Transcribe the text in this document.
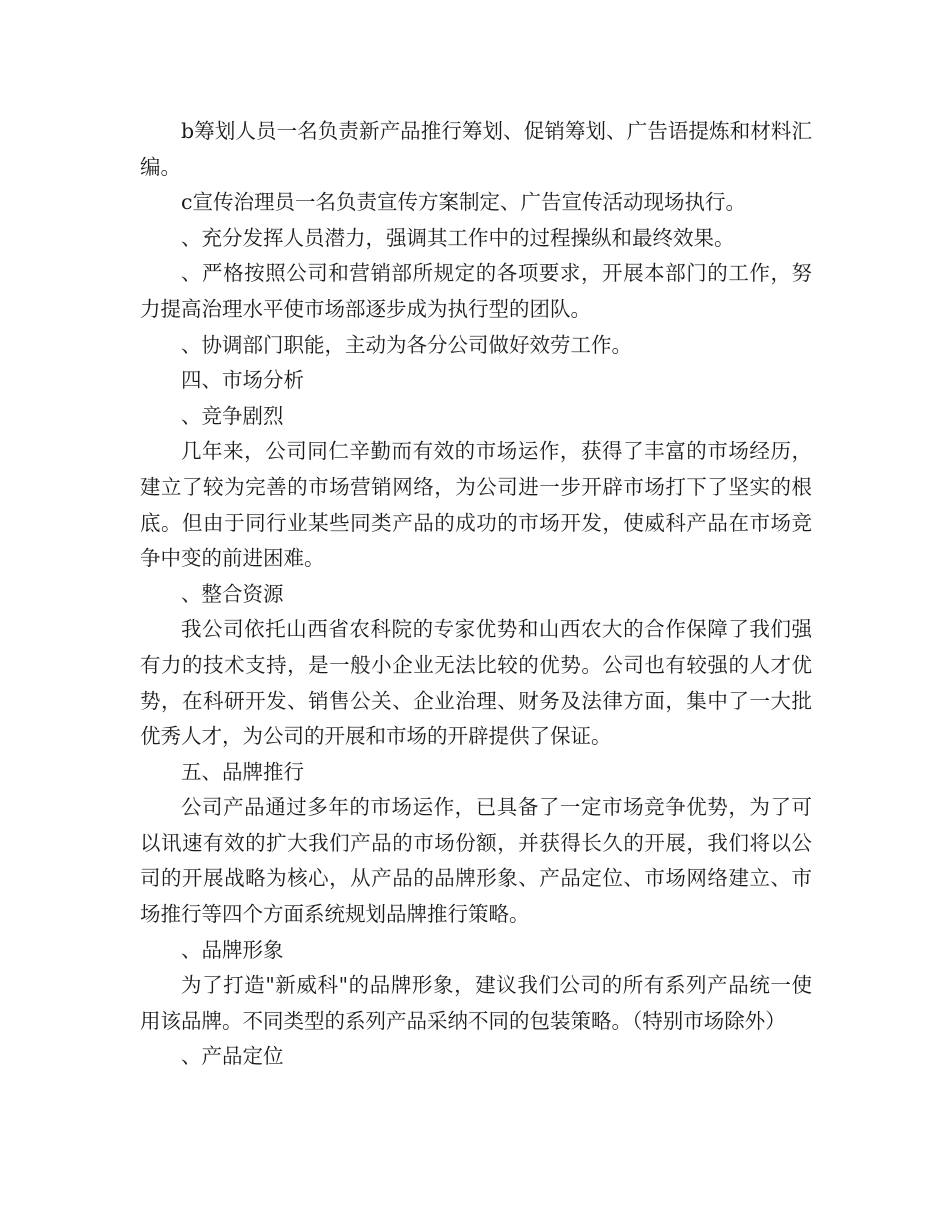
b筹划人员一名负责新产品推行筹划、促销筹划、广告语提炼和材料汇编。

c宣传治理员一名负责宣传方案制定、广告宣传活动现场执行。

、充分发挥人员潜力，强调其工作中的过程操纵和最终效果。

、严格按照公司和营销部所规定的各项要求，开展本部门的工作，努力提高治理水平使市场部逐步成为执行型的团队。

、协调部门职能，主动为各分公司做好效劳工作。

四、市场分析

、竞争剧烈

几年来，公司同仁辛勤而有效的市场运作，获得了丰富的市场经历，建立了较为完善的市场营销网络，为公司进一步开辟市场打下了坚实的根底。但由于同行业某些同类产品的成功的市场开发，使威科产品在市场竞争中变的前进困难。

、整合资源

我公司依托山西省农科院的专家优势和山西农大的合作保障了我们强有力的技术支持，是一般小企业无法比较的优势。公司也有较强的人才优势，在科研开发、销售公关、企业治理、财务及法律方面，集中了一大批优秀人才，为公司的开展和市场的开辟提供了保证。

五、品牌推行

公司产品通过多年的市场运作，已具备了一定市场竞争优势，为了可以讯速有效的扩大我们产品的市场份额，并获得长久的开展，我们将以公司的开展战略为核心，从产品的品牌形象、产品定位、市场网络建立、市场推行等四个方面系统规划品牌推行策略。

、品牌形象

为了打造"新威科"的品牌形象，建议我们公司的所有系列产品统一使用该品牌。不同类型的系列产品采纳不同的包装策略。（特别市场除外）

、产品定位
